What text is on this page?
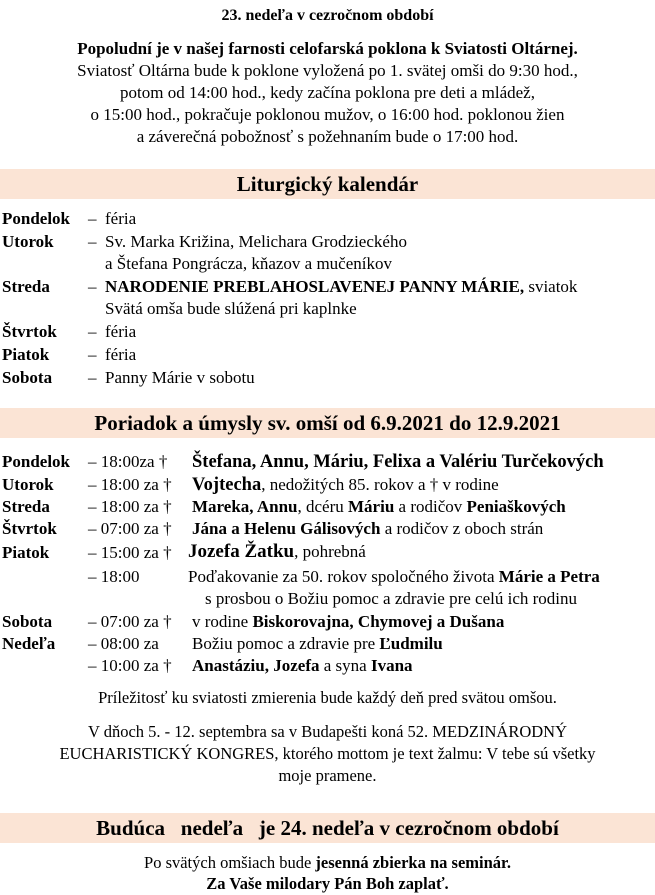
23. nedeľa v cezročnom období
Popoludní je v našej farnosti celofarská poklona k Sviatosti Oltárnej.
Sviatosť Oltárna bude k poklone vyložená po 1. svätej omši do 9:30 hod.,
potom od 14:00 hod., kedy začína poklona pre deti a mládež,
o 15:00 hod., pokračuje poklonou mužov, o 16:00 hod. poklonou žien
a záverečná pobožnosť s požehnaním bude o 17:00 hod.
Liturgický kalendár
Pondelok – féria
Utorok – Sv. Marka Križina, Melichara Grodzieckého
a Štefana Pongrácza, kňazov a mučeníkov
Streda – NARODENIE PREBLAHOSLAVENEJ PANNY MÁRIE, sviatok
Svätá omša bude slúžená pri kaplnke
Štvrtok – féria
Piatok – féria
Sobota – Panny Márie v sobotu
Poriadok a úmysly sv. omší od 6.9.2021 do 12.9.2021
Pondelok – 18:00za † Štefana, Annu, Máriu, Felixa a Valériu Turčekových
Utorok – 18:00 za † Vojtecha, nedožitých 85. rokov a † v rodine
Streda – 18:00 za † Mareka, Annu, dcéru Máriu a rodičov Peniaškových
Štvrtok – 07:00 za † Jána a Helenu Gálisových a rodičov z oboch strán
Piatok – 15:00 za † Jozefa Žatku, pohrebná
– 18:00	Poďakovanie za 50. rokov spoločného života Márie a Petra
s prosbou o Božiu pomoc a zdravie pre celú ich rodinu
Sobota – 07:00 za † v rodine Biskorovajna, Chymovej a Dušana
Nedeľa – 08:00 za Božiu pomoc a zdravie pre Ľudmilu
– 10:00 za † Anastáziu, Jozefa a syna Ivana
Príležitosť ku sviatosti zmierenia bude každý deň pred svätou omšou.
V dňoch 5. - 12. septembra sa v Budapešti koná 52. MEDZINÁRODNÝ
EUCHARISTICKÝ KONGRES, ktorého mottom je text žalmu: V tebe sú všetky
moje pramene.
Budúca   nedeľa   je 24. nedeľa v cezročnom období
Po svätých omšiach bude jesenná zbierka na seminár.
Za Vaše milodary Pán Boh zaplať.
